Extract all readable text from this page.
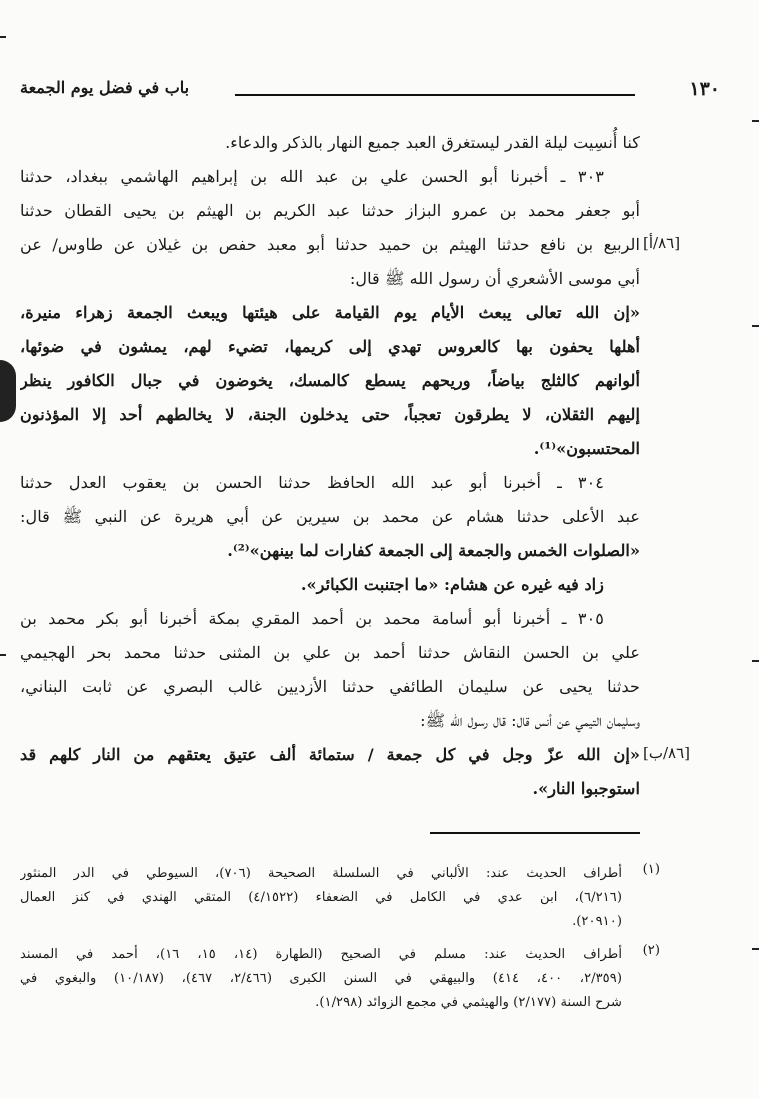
١٣٠
باب في فضل يوم الجمعة
كنا أُنسِيت ليلة القدر ليستغرق العبد جميع النهار بالذكر والدعاء.
٣٠٣ ـ أخبرنا أبو الحسن علي بن عبد الله بن إبراهيم الهاشمي ببغداد، حدثنا
أبو جعفر محمد بن عمرو البزاز حدثنا عبد الكريم بن الهيثم بن يحيى القطان حدثنا
الربيع بن نافع حدثنا الهيثم بن حميد حدثنا أبو معبد حفص بن غيلان عن طاوس/ عن
أبي موسى الأشعري أن رسول الله ﷺ قال:
«إن الله تعالى يبعث الأيام يوم القيامة على هيئتها ويبعث الجمعة زهراء منيرة،
أهلها يحفون بها كالعروس تهدي إلى كريمها، تضيء لهم، يمشون في ضوئها،
ألوانهم كالثلج بياضاً، وريحهم يسطع كالمسك، يخوضون في جبال الكافور ينظر
إليهم الثقلان، لا يطرقون تعجباً، حتى يدخلون الجنة، لا يخالطهم أحد إلا المؤذنون
المحتسبون»⁽¹⁾.
٣٠٤ ـ أخبرنا أبو عبد الله الحافظ حدثنا الحسن بن يعقوب العدل حدثنا
عبد الأعلى حدثنا هشام عن محمد بن سيرين عن أبي هريرة عن النبي ﷺ قال:
«الصلوات الخمس والجمعة إلى الجمعة كفارات لما بينهن»⁽²⁾.
زاد فيه غيره عن هشام: «ما اجتنبت الكبائر».
٣٠٥ ـ أخبرنا أبو أسامة محمد بن أحمد المقري بمكة أخبرنا أبو بكر محمد بن
علي بن الحسن النقاش حدثنا أحمد بن علي بن المثنى حدثنا محمد بحر الهجيمي
حدثنا يحيى عن سليمان الطائفي حدثنا الأزديين غالب البصري عن ثابت البناني،
وسليمان التيمي عن أنس قال: قال رسول الله ﷺ:
«إن الله عزّ وجل في كل جمعة / ستمائة ألف عتيق يعتقهم من النار كلهم قد
استوجبوا النار».
[٨٦/أ]
[٨٦/ب]
(١)
أطراف الحديث عند: الألباني في السلسلة الصحيحة (٧٠٦)، السيوطي في الدر المنثور
(٦/٢١٦)، ابن عدي في الكامل في الضعفاء (٤/١٥٢٢) المتقي الهندي في كنز العمال
(٢٠٩١٠).
(٢)
أطراف الحديث عند: مسلم في الصحيح (الطهارة (١٤، ١٥، ١٦)، أحمد في المسند
(٢/٣٥٩، ٤٠٠، ٤١٤) والبيهقي في السنن الكبرى (٢/٤٦٦، ٤٦٧)، (١٠/١٨٧) والبغوي في
شرح السنة (٢/١٧٧) والهيثمي في مجمع الزوائد (١/٢٩٨).
